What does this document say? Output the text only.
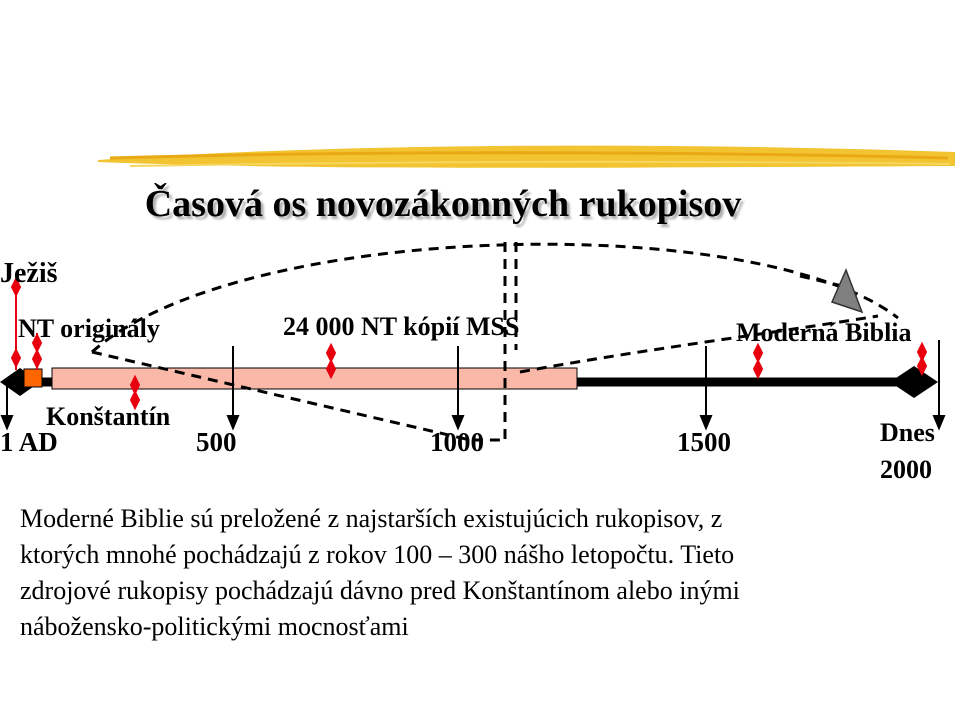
Časová os novozákonných rukopisov
Ježiš
NT originály	24 000 NT kópií MSS	Moderná Biblia
Konštantín
1 AD	500	1000	1500	Dnes
2000
Moderné Biblie sú preložené z najstarších existujúcich rukopisov, z
ktorých mnohé pochádzajú z rokov 100 – 300 nášho letopočtu. Tieto
zdrojové rukopisy pochádzajú dávno pred Konštantínom alebo inými
nábožensko-politickými mocnosťami
